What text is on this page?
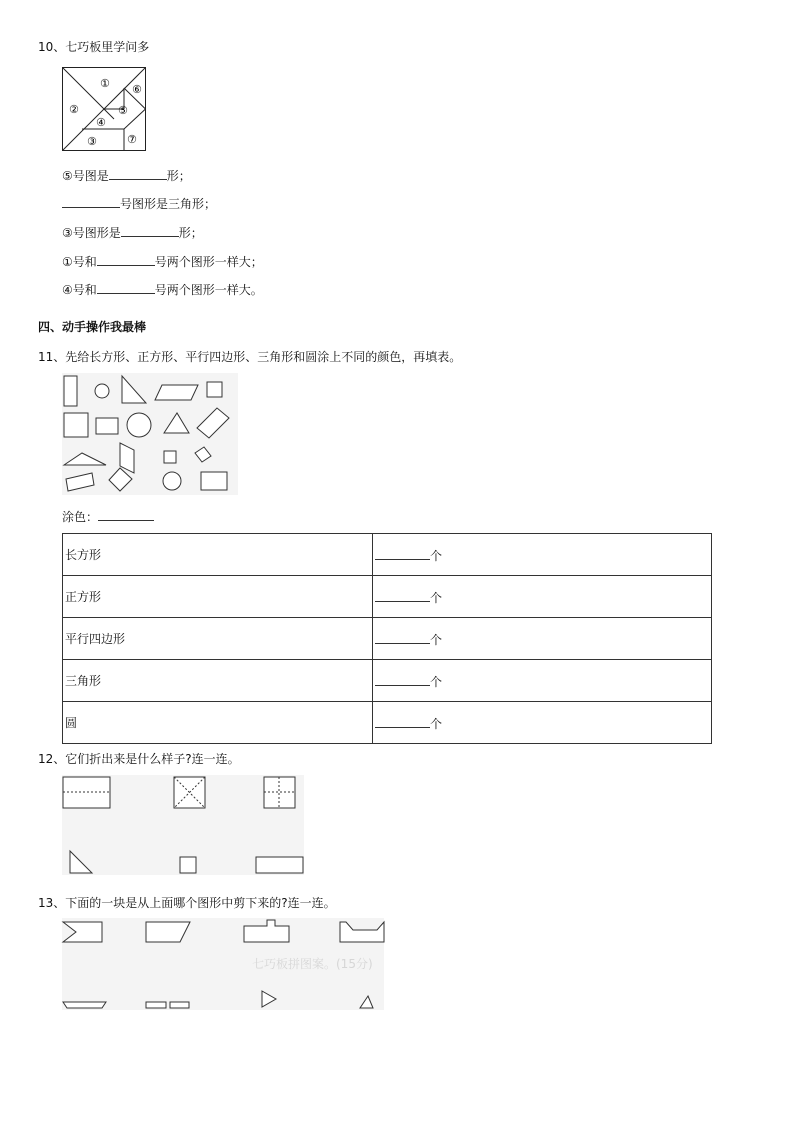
10、七巧板里学问多
①
②
③
④
⑤
⑥
⑦
⑤号图是	形；
号图形是三角形；
③号图形是	形；
①号和	号两个图形一样大；
④号和	号两个图形一样大。
四、动手操作我最棒
11、先给长方形、正方形、平行四边形、三角形和圆涂上不同的颜色，再填表。
涂色：
长方形	个
正方形	个
平行四边形	个
三角形	个
圆	个
12、它们折出来是什么样子?连一连。
13、下面的一块是从上面哪个图形中剪下来的?连一连。
七巧板拼图案。(15分)
